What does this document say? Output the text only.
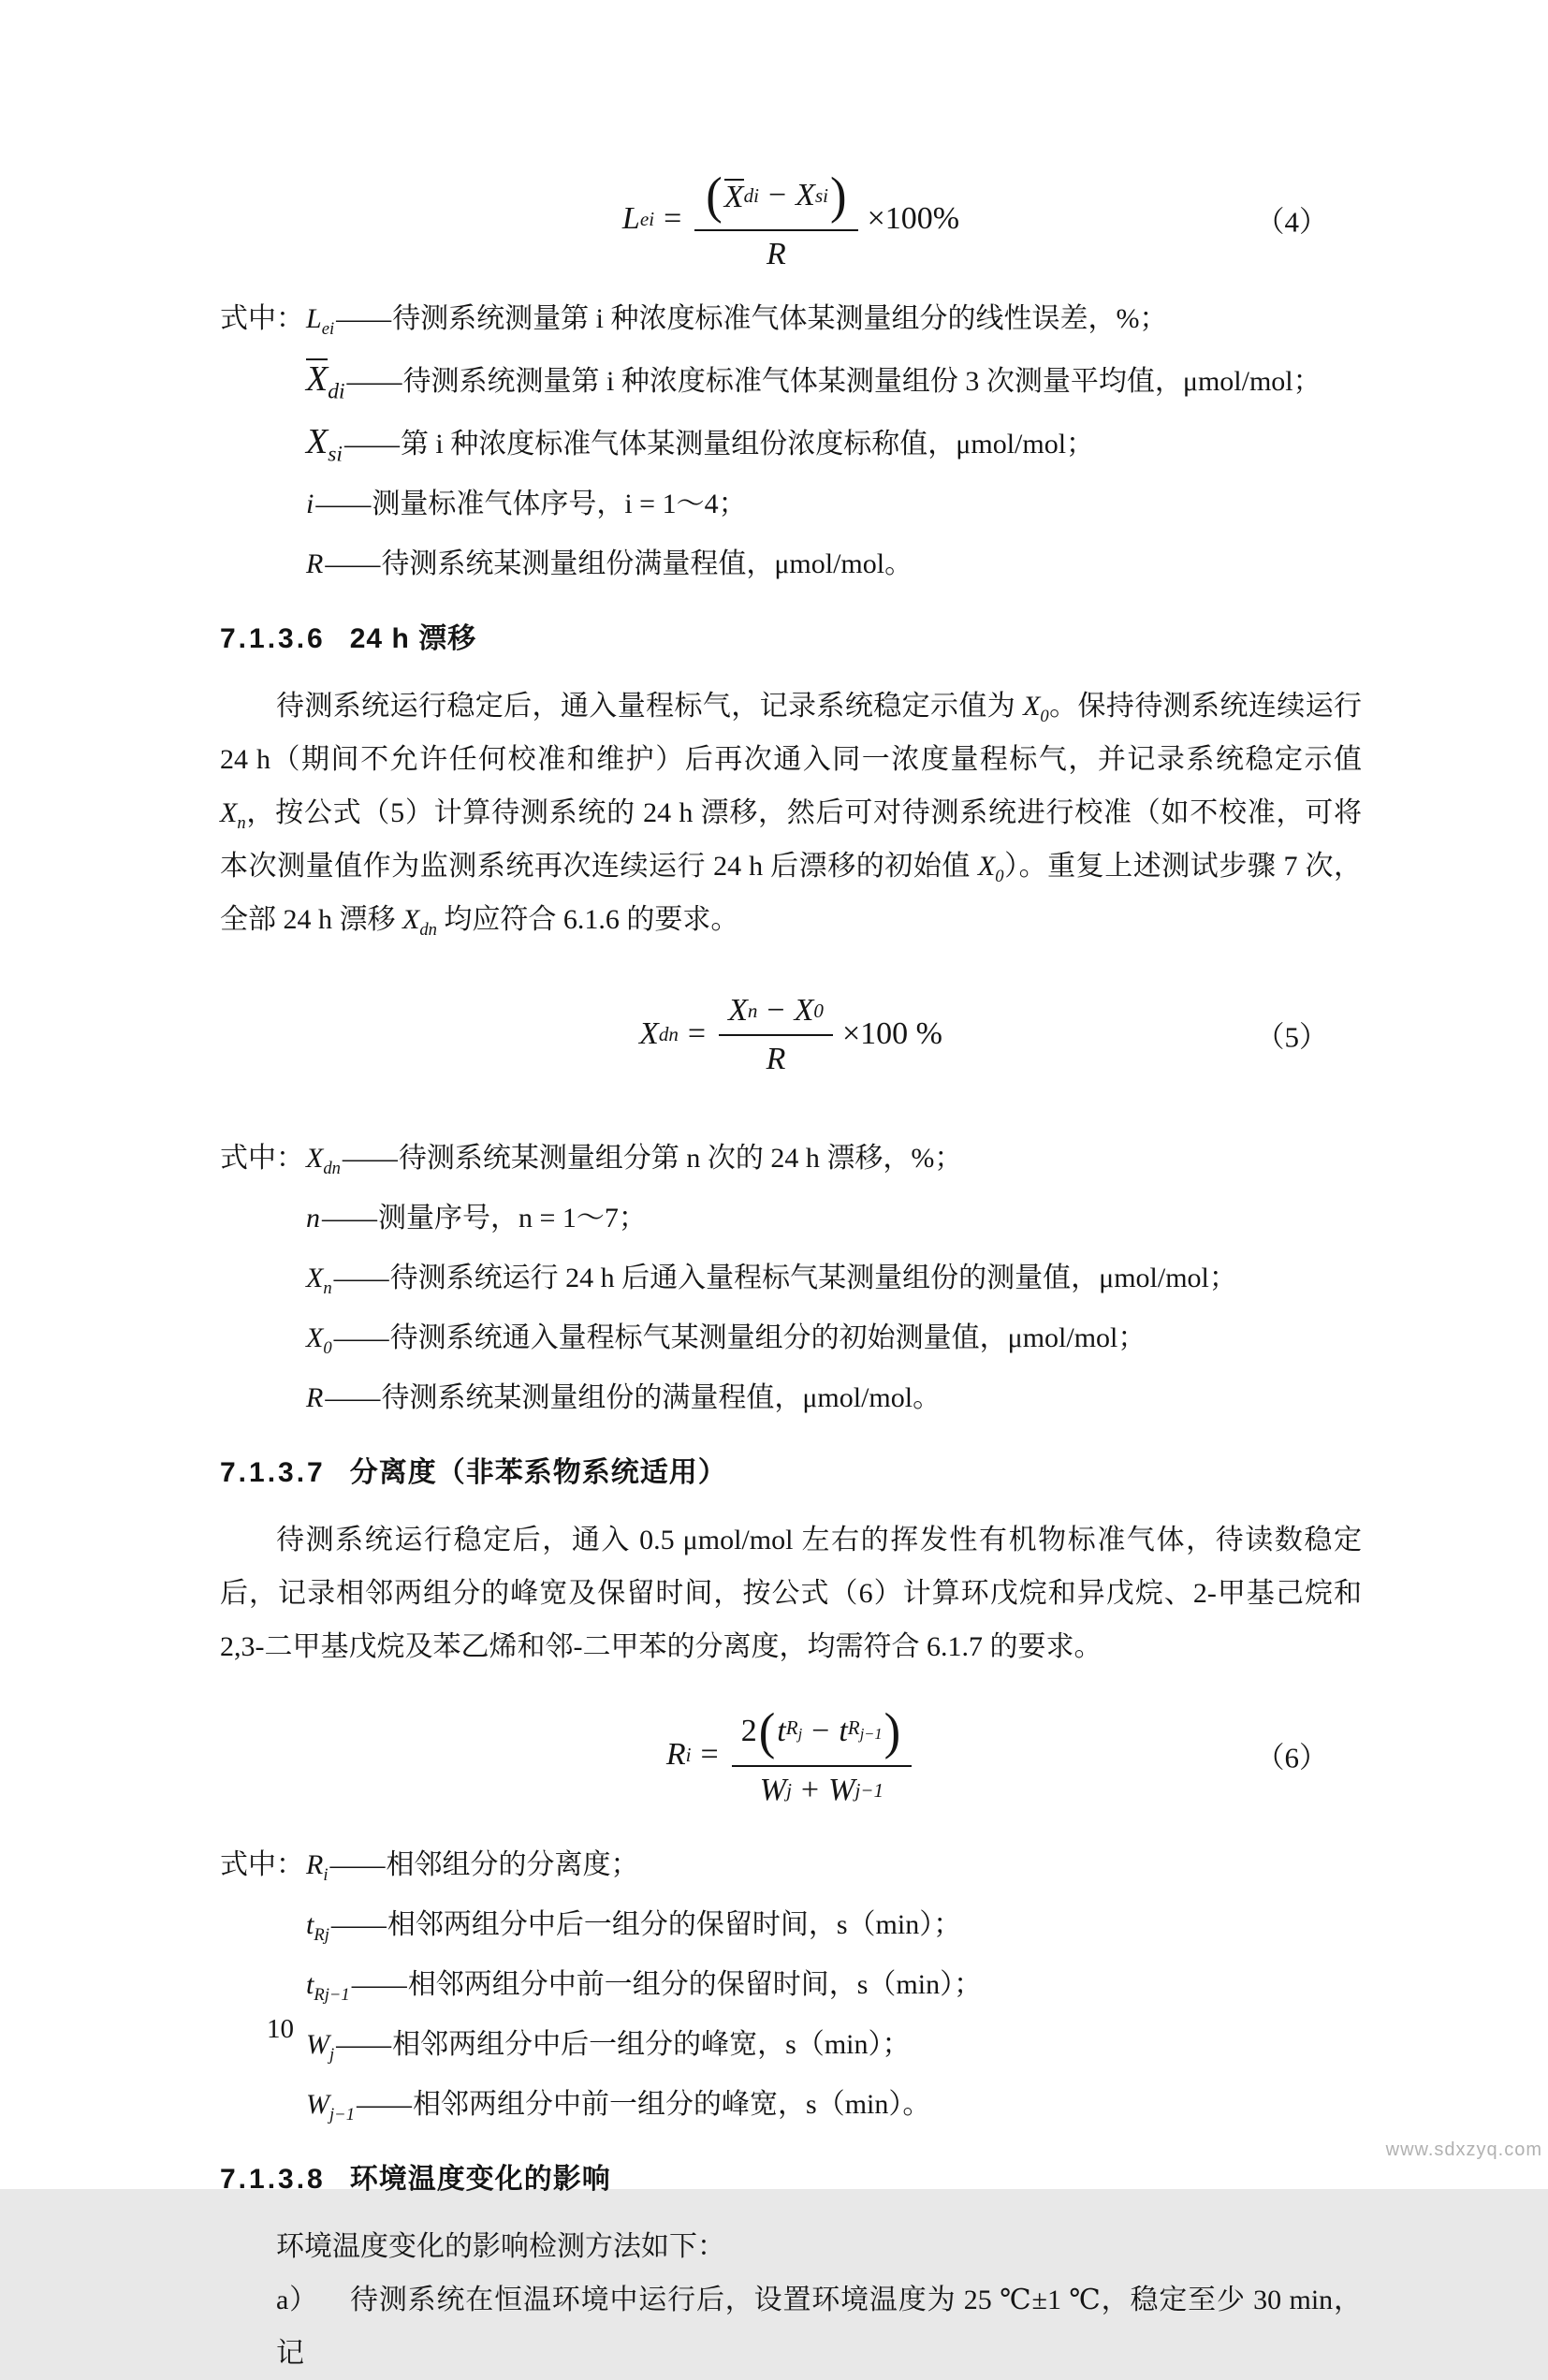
L ei = ( X di − X si )
R
×100%	（4）
式中： $L_{ei}$ —— 待测系统测量第 i 种浓度标准气体某测量组分的线性误差，%；
$X_{di}$ —— 待测系统测量第 i 种浓度标准气体某测量组份 3 次测量平均值，μmol/mol；
$X_{si}$ —— 第 i 种浓度标准气体某测量组份浓度标称值，μmol/mol；
i —— 测量标准气体序号，i = 1～4；
R —— 待测系统某测量组份满量程值，μmol/mol。
7.1.3.6 24 h 漂移

待测系统运行稳定后，通入量程标气，记录系统稳定示值为 $X_0$。保持待测系统连续运行 24 h（期间不允许任何校准和维护）后再次通入同一浓度量程标气，并记录系统稳定示值 $X_n$，按公式（5）计算待测系统的 24 h 漂移，然后可对待测系统进行校准（如不校准，可将本次测量值作为监测系统再次连续运行 24 h 后漂移的初始值 $X_0$）。重复上述测试步骤 7 次，全部 24 h 漂移 $X_{dn}$ 均应符合 6.1.6 的要求。

X dn = $\frac{\text{X n − X 0}}{R} \times 100$ %	（5）
式中： $X_{dn}$ —— 待测系统某测量组分第 n 次的 24 h 漂移，%；
n —— 测量序号，n = 1～7；
$X_n$ —— 待测系统运行 24 h 后通入量程标气某测量组份的测量值，μmol/mol；
$X_0$ —— 待测系统通入量程标气某测量组分的初始测量值，μmol/mol；
R —— 待测系统某测量组份的满量程值，μmol/mol。
7.1.3.7 分离度（非苯系物系统适用）

待测系统运行稳定后，通入 0.5 μmol/mol 左右的挥发性有机物标准气体，待读数稳定后，记录相邻两组分的峰宽及保留时间，按公式（6）计算环戊烷和异戊烷、2-甲基己烷和 2,3-二甲基戊烷及苯乙烯和邻-二甲苯的分离度，均需符合 6.1.7 的要求。

R $i = \frac{2 ( t R_j - t R_{j-1} )}{\text{W j + W j−1}}$	（6）
式中： $R_i$ —— 相邻组分的分离度；
$t_{Rj}$ —— 相邻两组分中后一组分的保留时间，s（min）；
$t_{Rj-1}$ —— 相邻两组分中前一组分的保留时间，s（min）；
$W_j$ —— 相邻两组分中后一组分的峰宽，s（min）；
$W_{j-1}$ —— 相邻两组分中前一组分的峰宽，s（min）。
7.1.3.8 环境温度变化的影响

环境温度变化的影响检测方法如下：

a） 待测系统在恒温环境中运行后，设置环境温度为 25 ℃±1 ℃，稳定至少 30 min，记

10
www.sdxzyq.com
